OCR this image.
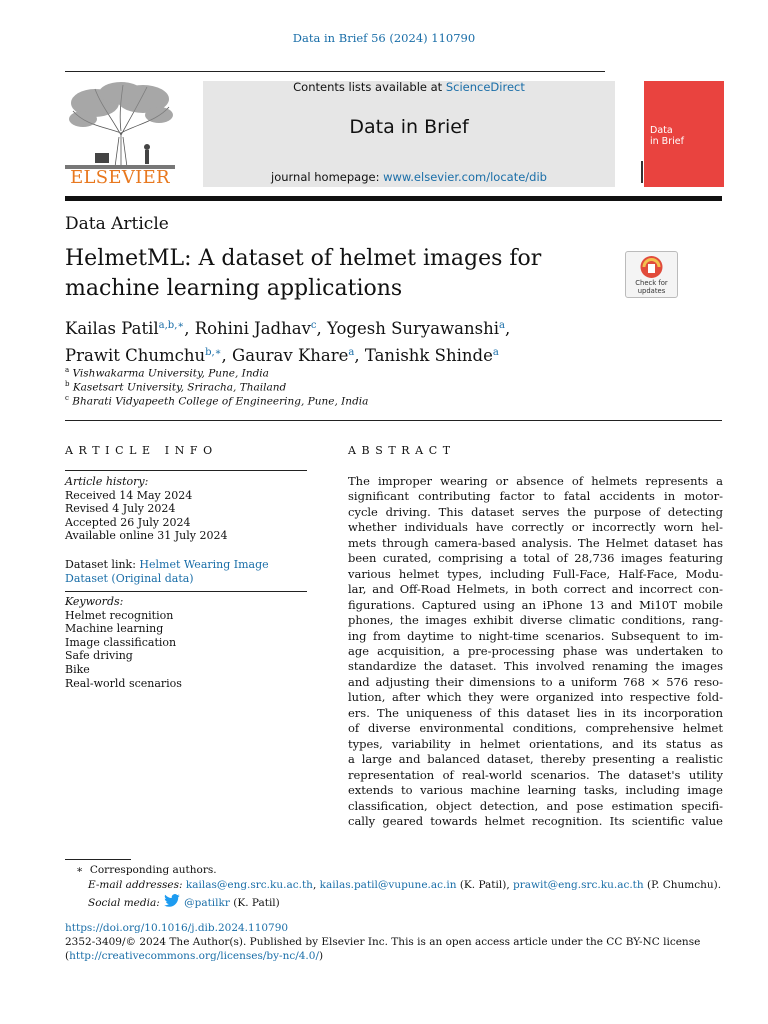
Data in Brief 56 (2024) 110790
ELSEVIER
Contents lists available at ScienceDirect
Data in Brief
journal homepage: www.elsevier.com/locate/dib
Data
in Brief
Data Article
HelmetML: A dataset of helmet images for machine learning applications	Check for
updates
Kailas Patil$^{a,b,∗}$, Rohini Jadhav$^c$, Yogesh Suryawanshi$^a$,
Prawit Chumchu$^{b,∗}$, Gaurav Khare$^a$, Tanishk Shinde$^a$
$^a$ Vishwakarma University, Pune, India
$^b$ Kasetsart University, Sriracha, Thailand
$^c$ Bharati Vidyapeeth College of Engineering, Pune, India
ARTICLE INFO
Article history:
Received 14 May 2024
Revised 4 July 2024
Accepted 26 July 2024
Available online 31 July 2024
Dataset link: Helmet Wearing Image
Dataset (Original data)
Keywords:
Helmet recognition
Machine learning
Image classification
Safe driving
Bike
Real-world scenarios
ABSTRACT
The improper wearing or absence of helmets represents a
significant contributing factor to fatal accidents in motor-
cycle driving. This dataset serves the purpose of detecting
whether individuals have correctly or incorrectly worn hel-
mets through camera-based analysis. The Helmet dataset has
been curated, comprising a total of 28,736 images featuring
various helmet types, including Full-Face, Half-Face, Modu-
lar, and Off-Road Helmets, in both correct and incorrect con-
figurations. Captured using an iPhone 13 and Mi10T mobile
phones, the images exhibit diverse climatic conditions, rang-
ing from daytime to night-time scenarios. Subsequent to im-
age acquisition, a pre-processing phase was undertaken to
standardize the dataset. This involved renaming the images
and adjusting their dimensions to a uniform 768 × 576 reso-
lution, after which they were organized into respective fold-
ers. The uniqueness of this dataset lies in its incorporation
of diverse environmental conditions, comprehensive helmet
types, variability in helmet orientations, and its status as
a large and balanced dataset, thereby presenting a realistic
representation of real-world scenarios. The dataset's utility
extends to various machine learning tasks, including image
classification, object detection, and pose estimation specifi-
cally geared towards helmet recognition. Its scientific value
∗ Corresponding authors.
E-mail addresses: kailas@eng.src.ku.ac.th, kailas.patil@vupune.ac.in (K. Patil), prawit@eng.src.ku.ac.th (P. Chumchu).
Social media: @patilkr (K. Patil)
https://doi.org/10.1016/j.dib.2024.110790
2352-3409/© 2024 The Author(s). Published by Elsevier Inc. This is an open access article under the CC BY-NC license
(http://creativecommons.org/licenses/by-nc/4.0/)
